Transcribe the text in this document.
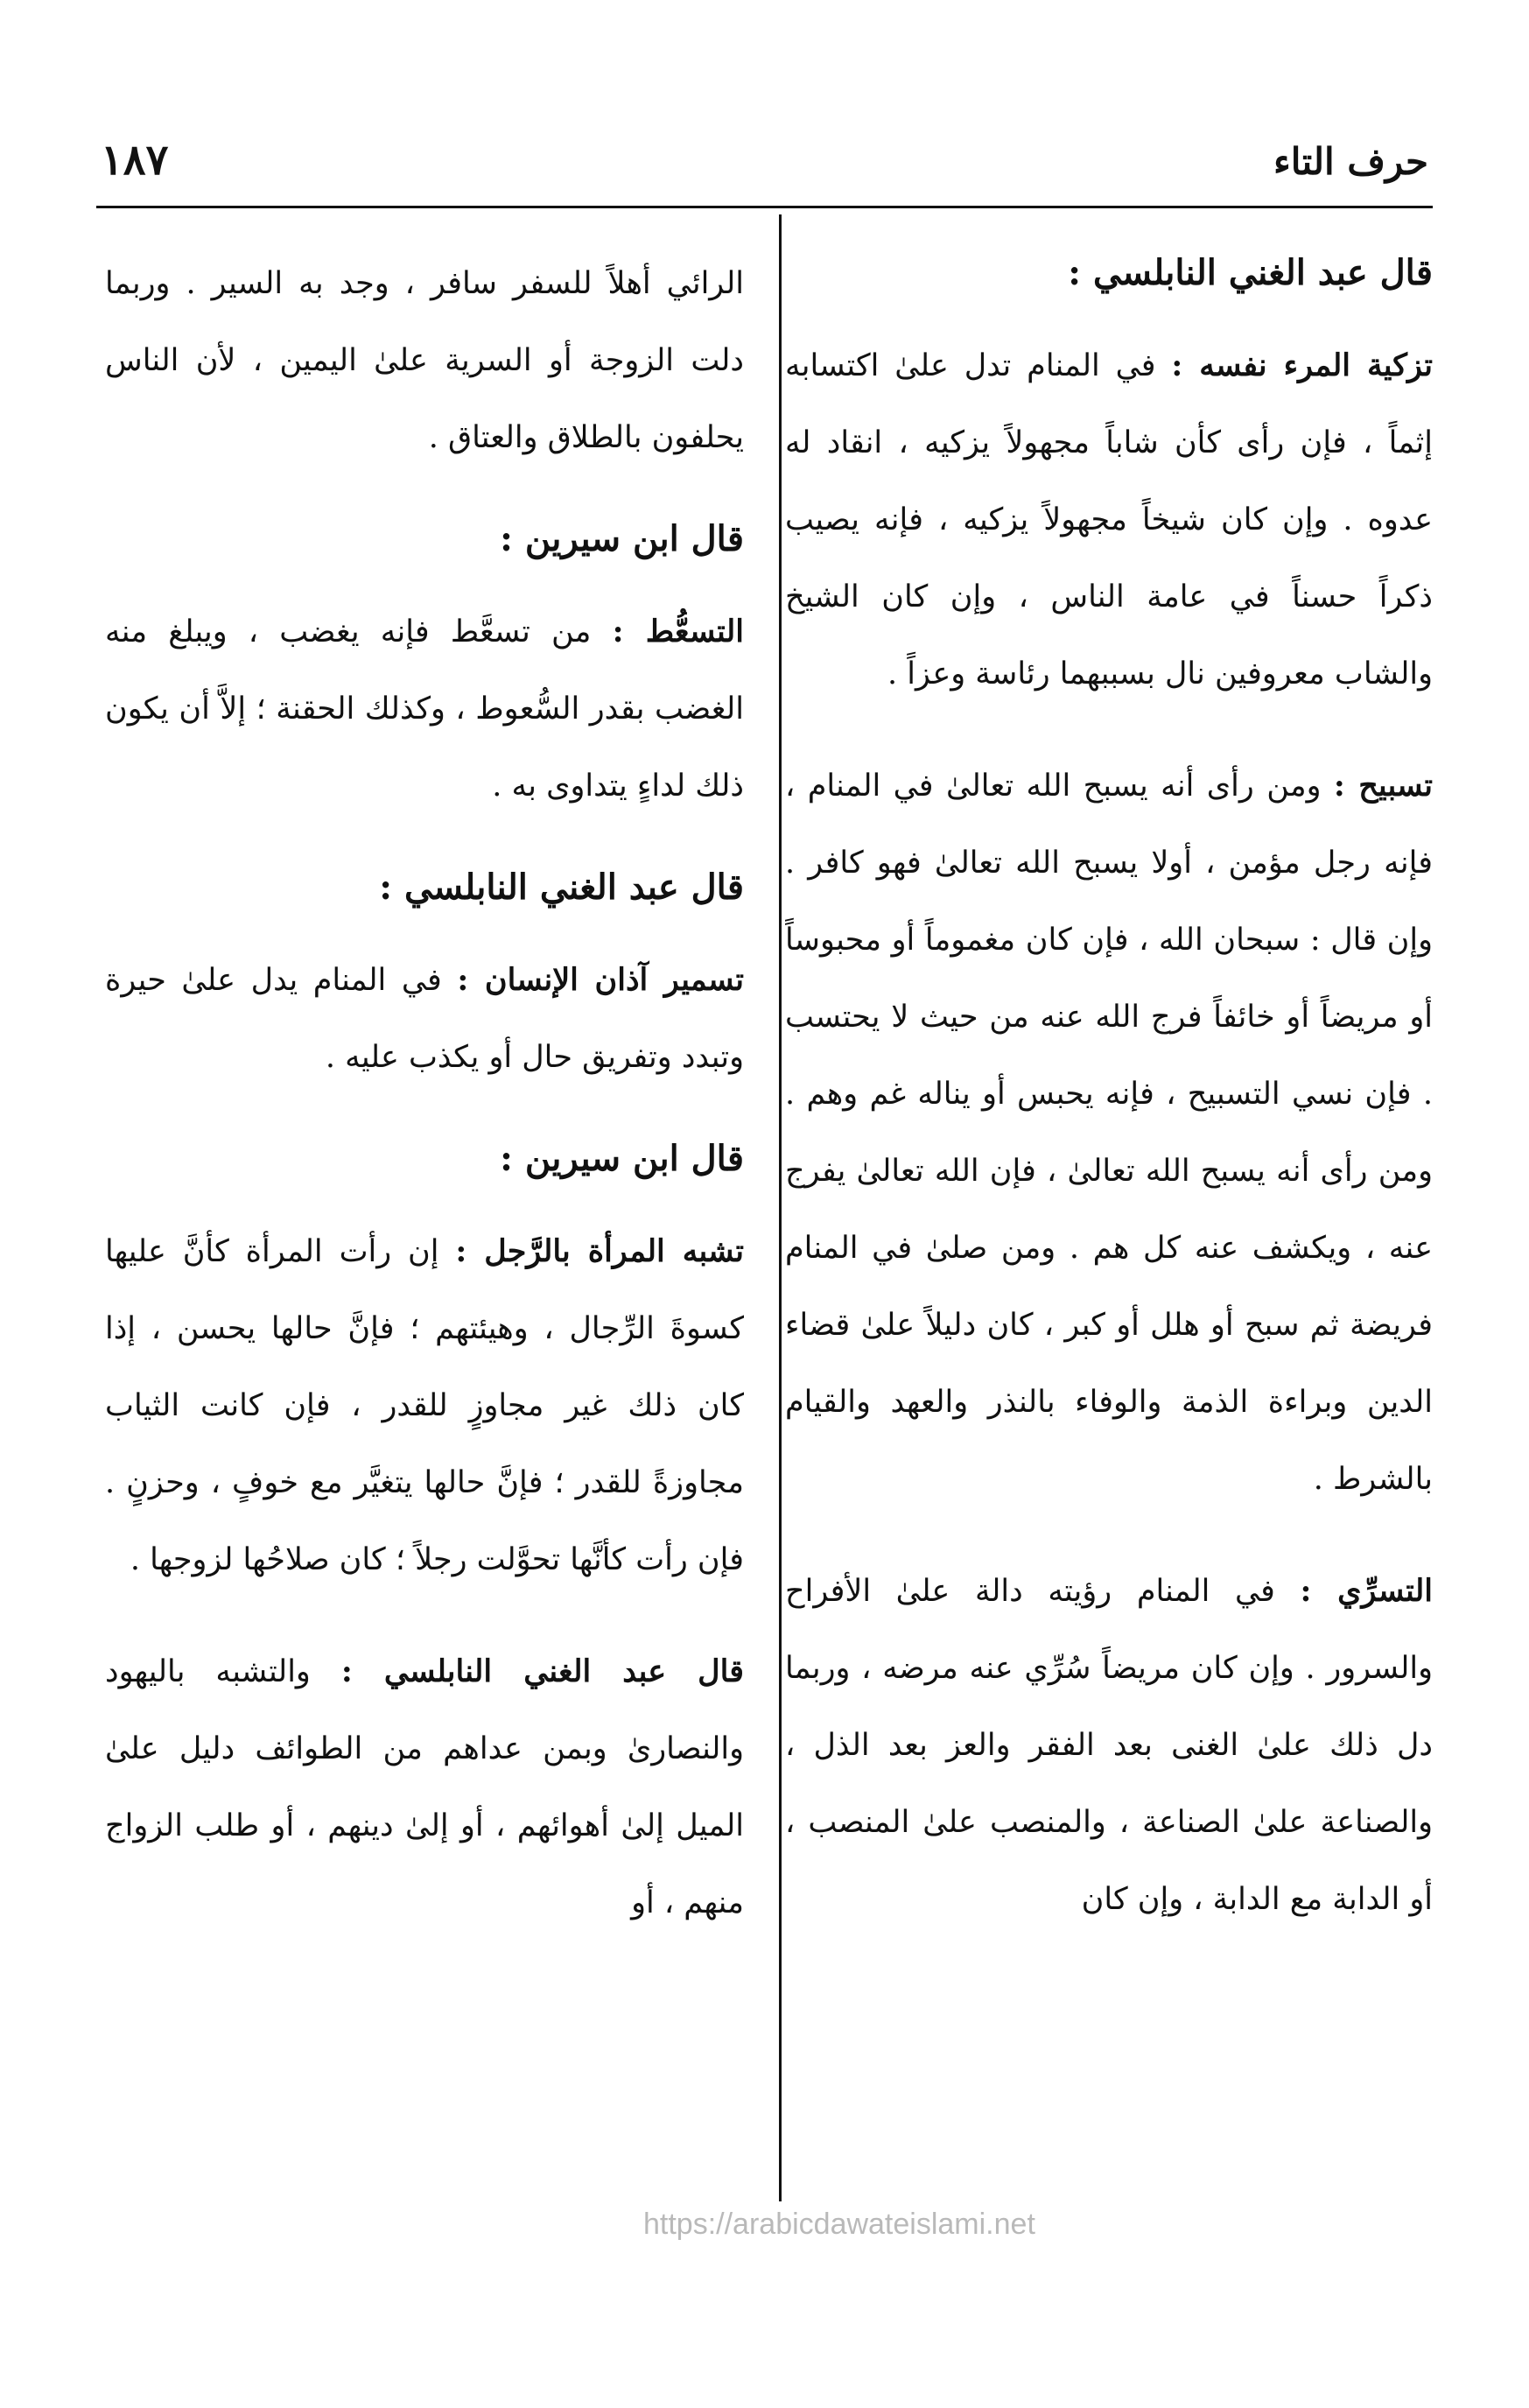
حرف التاء
١٨٧
قال عبد الغني النابلسي :
تزكية المرء نفسه : في المنام تدل علىٰ اكتسابه إثماً ، فإن رأى كأن شاباً مجهولاً يزكيه ، انقاد له عدوه . وإن كان شيخاً مجهولاً يزكيه ، فإنه يصيب ذكراً حسناً في عامة الناس ، وإن كان الشيخ والشاب معروفين نال بسببهما رئاسة وعزاً .
تسبيح : ومن رأى أنه يسبح الله تعالىٰ في المنام ، فإنه رجل مؤمن ، أولا يسبح الله تعالىٰ فهو كافر . وإن قال : سبحان الله ، فإن كان مغموماً أو محبوساً أو مريضاً أو خائفاً فرج الله عنه من حيث لا يحتسب . فإن نسي التسبيح ، فإنه يحبس أو يناله غم وهم . ومن رأى أنه يسبح الله تعالىٰ ، فإن الله تعالىٰ يفرج عنه ، ويكشف عنه كل هم . ومن صلىٰ في المنام فريضة ثم سبح أو هلل أو كبر ، كان دليلاً علىٰ قضاء الدين وبراءة الذمة والوفاء بالنذر والعهد والقيام بالشرط .
التسرِّي : في المنام رؤيته دالة علىٰ الأفراح والسرور . وإن كان مريضاً سُرِّي عنه مرضه ، وربما دل ذلك علىٰ الغنى بعد الفقر والعز بعد الذل ، والصناعة علىٰ الصناعة ، والمنصب علىٰ المنصب ، أو الدابة مع الدابة ، وإن كان
الرائي أهلاً للسفر سافر ، وجد به السير . وربما دلت الزوجة أو السرية علىٰ اليمين ، لأن الناس يحلفون بالطلاق والعتاق .
قال ابن سيرين :
التسعُّط : من تسعَّط فإنه يغضب ، ويبلغ منه الغضب بقدر السُّعوط ، وكذلك الحقنة ؛ إلاَّ أن يكون ذلك لداءٍ يتداوى به .
قال عبد الغني النابلسي :
تسمير آذان الإنسان : في المنام يدل علىٰ حيرة وتبدد وتفريق حال أو يكذب عليه .
قال ابن سيرين :
تشبه المرأة بالرَّجل : إن رأت المرأة كأنَّ عليها كسوةَ الرِّجال ، وهيئتهم ؛ فإنَّ حالها يحسن ، إذا كان ذلك غير مجاوزٍ للقدر ، فإن كانت الثياب مجاوزةً للقدر ؛ فإنَّ حالها يتغيَّر مع خوفٍ ، وحزنٍ . فإن رأت كأنَّها تحوَّلت رجلاً ؛ كان صلاحُها لزوجها .
قال عبد الغني النابلسي : والتشبه باليهود والنصارىٰ وبمن عداهم من الطوائف دليل علىٰ الميل إلىٰ أهوائهم ، أو إلىٰ دينهم ، أو طلب الزواج منهم ، أو
https://arabicdawateislami.net
